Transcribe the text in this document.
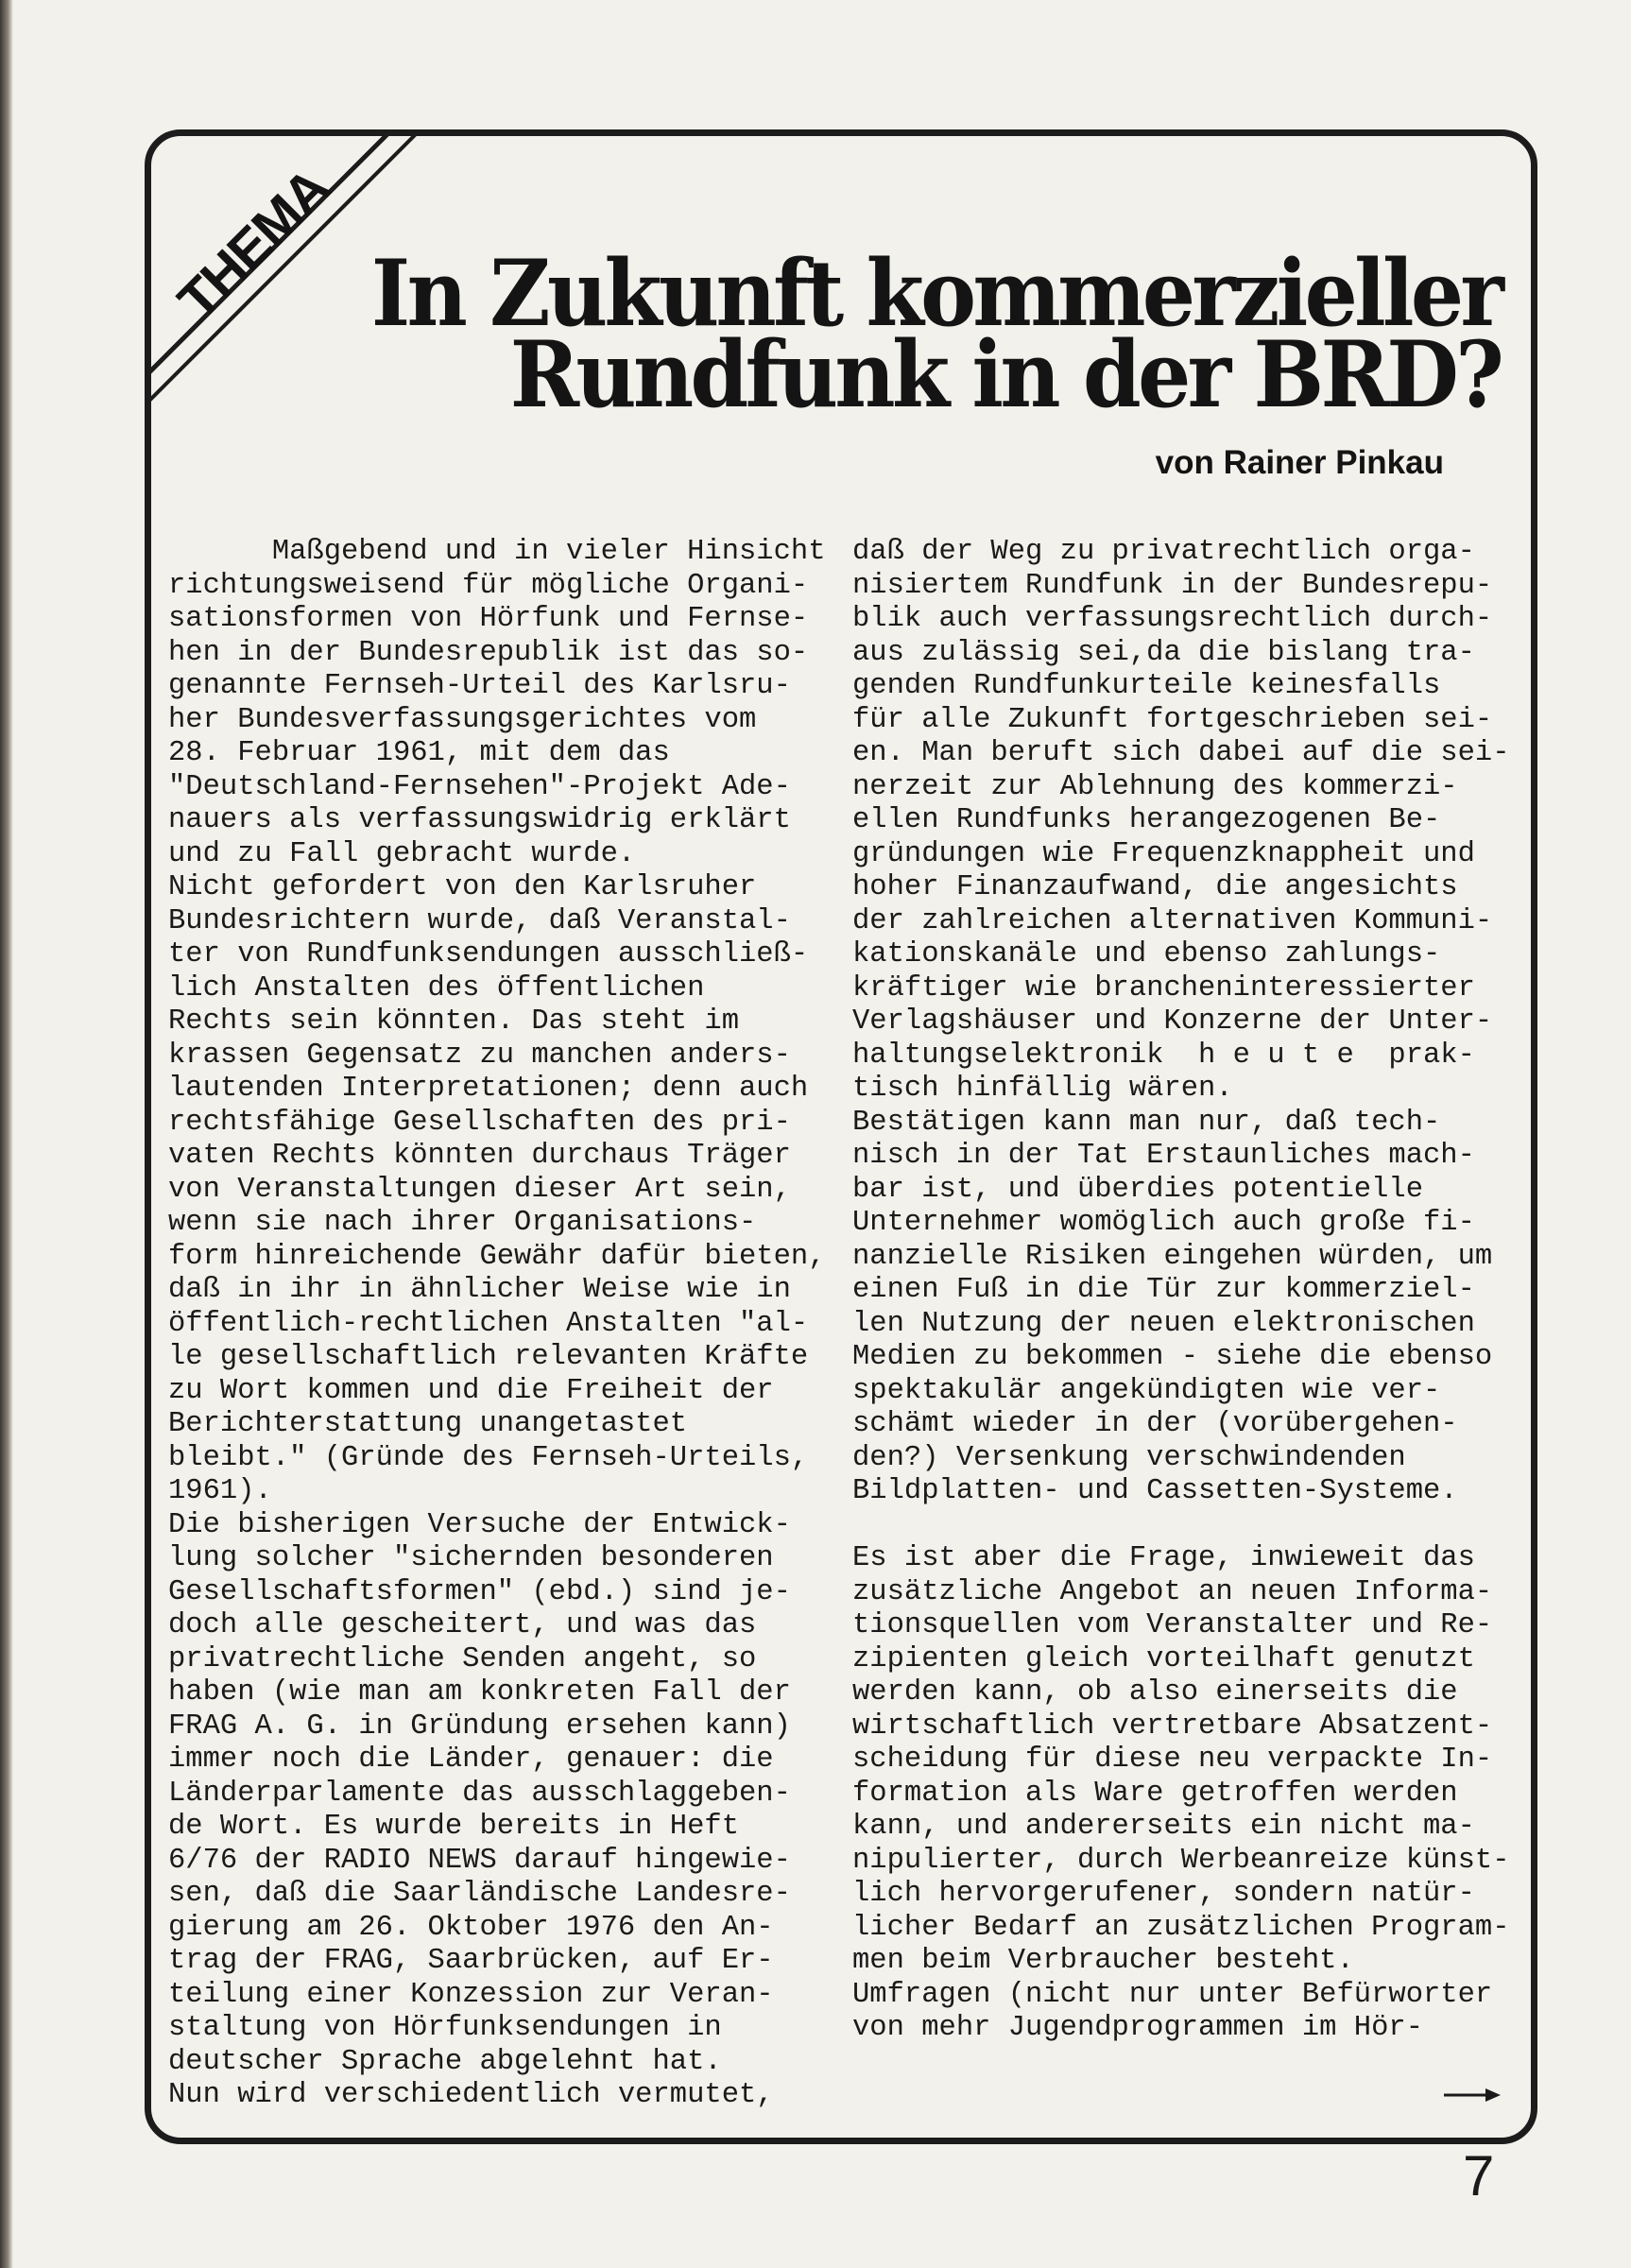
THEMA In Zukunft kommerzieller
Rundfunk in der BRD?
von Rainer Pinkau
Maßgebend und in vieler Hinsicht
richtungsweisend für mögliche Organi-
sationsformen von Hörfunk und Fernse-
hen in der Bundesrepublik ist das so-
genannte Fernseh-Urteil des Karlsru-
her Bundesverfassungsgerichtes vom
28. Februar 1961, mit dem das
"Deutschland-Fernsehen"-Projekt Ade-
nauers als verfassungswidrig erklärt
und zu Fall gebracht wurde.
Nicht gefordert von den Karlsruher
Bundesrichtern wurde, daß Veranstal-
ter von Rundfunksendungen ausschließ-
lich Anstalten des öffentlichen
Rechts sein könnten. Das steht im
krassen Gegensatz zu manchen anders-
lautenden Interpretationen; denn auch
rechtsfähige Gesellschaften des pri-
vaten Rechts könnten durchaus Träger
von Veranstaltungen dieser Art sein,
wenn sie nach ihrer Organisations-
form hinreichende Gewähr dafür bieten,
daß in ihr in ähnlicher Weise wie in
öffentlich-rechtlichen Anstalten "al-
le gesellschaftlich relevanten Kräfte
zu Wort kommen und die Freiheit der
Berichterstattung unangetastet
bleibt." (Gründe des Fernseh-Urteils,
1961).
Die bisherigen Versuche der Entwick-
lung solcher "sichernden besonderen
Gesellschaftsformen" (ebd.) sind je-
doch alle gescheitert, und was das
privatrechtliche Senden angeht, so
haben (wie man am konkreten Fall der
FRAG A. G. in Gründung ersehen kann)
immer noch die Länder, genauer: die
Länderparlamente das ausschlaggeben-
de Wort. Es wurde bereits in Heft
6/76 der RADIO NEWS darauf hingewie-
sen, daß die Saarländische Landesre-
gierung am 26. Oktober 1976 den An-
trag der FRAG, Saarbrücken, auf Er-
teilung einer Konzession zur Veran-
staltung von Hörfunksendungen in
deutscher Sprache abgelehnt hat.
Nun wird verschiedentlich vermutet,
daß der Weg zu privatrechtlich orga-
nisiertem Rundfunk in der Bundesrepu-
blik auch verfassungsrechtlich durch-
aus zulässig sei,da die bislang tra-
genden Rundfunkurteile keinesfalls
für alle Zukunft fortgeschrieben sei-
en. Man beruft sich dabei auf die sei-
nerzeit zur Ablehnung des kommerzi-
ellen Rundfunks herangezogenen Be-
gründungen wie Frequenzknappheit und
hoher Finanzaufwand, die angesichts
der zahlreichen alternativen Kommuni-
kationskanäle und ebenso zahlungs-
kräftiger wie brancheninteressierter
Verlagshäuser und Konzerne der Unter-
haltungselektronik  h e u t e  prak-
tisch hinfällig wären.
Bestätigen kann man nur, daß tech-
nisch in der Tat Erstaunliches mach-
bar ist, und überdies potentielle
Unternehmer womöglich auch große fi-
nanzielle Risiken eingehen würden, um
einen Fuß in die Tür zur kommerziel-
len Nutzung der neuen elektronischen
Medien zu bekommen - siehe die ebenso
spektakulär angekündigten wie ver-
schämt wieder in der (vorübergehen-
den?) Versenkung verschwindenden
Bildplatten- und Cassetten-Systeme.
Es ist aber die Frage, inwieweit das
zusätzliche Angebot an neuen Informa-
tionsquellen vom Veranstalter und Re-
zipienten gleich vorteilhaft genutzt
werden kann, ob also einerseits die
wirtschaftlich vertretbare Absatzent-
scheidung für diese neu verpackte In-
formation als Ware getroffen werden
kann, und andererseits ein nicht ma-
nipulierter, durch Werbeanreize künst-
lich hervorgerufener, sondern natür-
licher Bedarf an zusätzlichen Program-
men beim Verbraucher besteht.
Umfragen (nicht nur unter Befürworter
von mehr Jugendprogrammen im Hör-
7
